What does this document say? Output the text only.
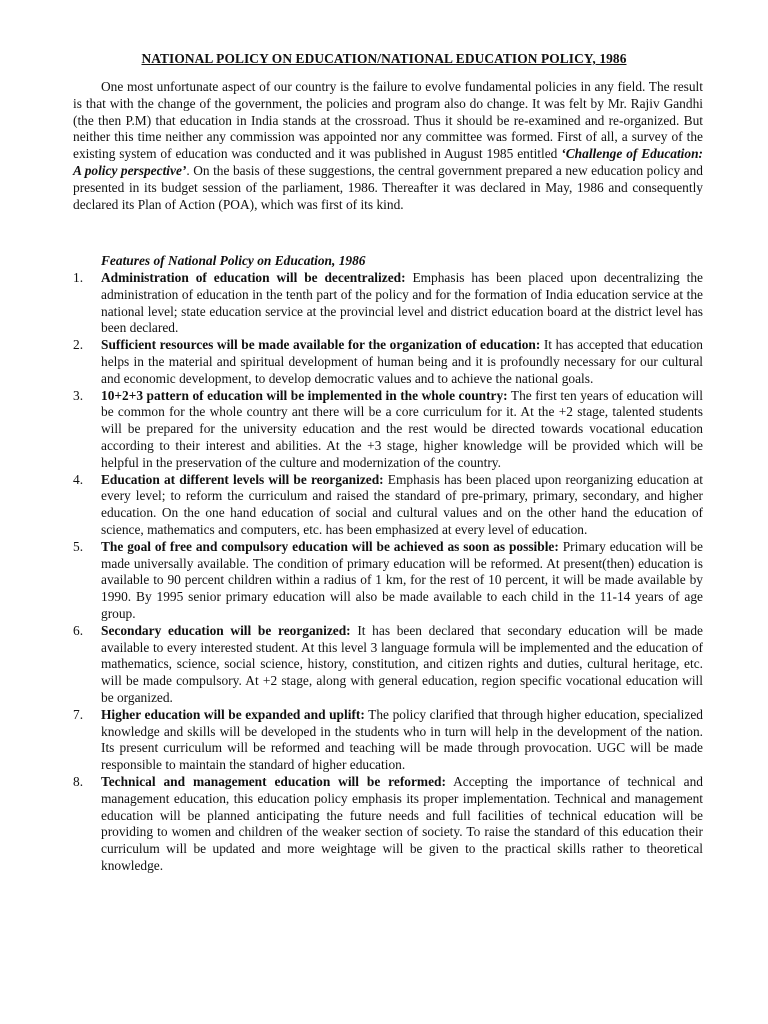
NATIONAL POLICY ON EDUCATION/NATIONAL EDUCATION POLICY, 1986

One most unfortunate aspect of our country is the failure to evolve fundamental policies in any field. The result is that with the change of the government, the policies and program also do change. It was felt by Mr. Rajiv Gandhi (the then P.M) that education in India stands at the crossroad. Thus it should be re-examined and re-organized. But neither this time neither any commission was appointed nor any committee was formed. First of all, a survey of the existing system of education was conducted and it was published in August 1985 entitled ‘Challenge of Education: A policy perspective’. On the basis of these suggestions, the central government prepared a new education policy and presented in its budget session of the parliament, 1986. Thereafter it was declared in May, 1986 and consequently declared its Plan of Action (POA), which was first of its kind.

Features of National Policy on Education, 1986
1. Administration of education will be decentralized: Emphasis has been placed upon decentralizing the administration of education in the tenth part of the policy and for the formation of India education service at the national level; state education service at the provincial level and district education board at the district level has been declared.
2. Sufficient resources will be made available for the organization of education: It has accepted that education helps in the material and spiritual development of human being and it is profoundly necessary for our cultural and economic development, to develop democratic values and to achieve the national goals.
3. 10+2+3 pattern of education will be implemented in the whole country: The first ten years of education will be common for the whole country ant there will be a core curriculum for it. At the +2 stage, talented students will be prepared for the university education and the rest would be directed towards vocational education according to their interest and abilities. At the +3 stage, higher knowledge will be provided which will be helpful in the preservation of the culture and modernization of the country.
4. Education at different levels will be reorganized: Emphasis has been placed upon reorganizing education at every level; to reform the curriculum and raised the standard of pre-primary, primary, secondary, and higher education. On the one hand education of social and cultural values and on the other hand the education of science, mathematics and computers, etc. has been emphasized at every level of education.
5. The goal of free and compulsory education will be achieved as soon as possible: Primary education will be made universally available. The condition of primary education will be reformed. At present(then) education is available to 90 percent children within a radius of 1 km, for the rest of 10 percent, it will be made available by 1990. By 1995 senior primary education will also be made available to each child in the 11-14 years of age group.
6. Secondary education will be reorganized: It has been declared that secondary education will be made available to every interested student. At this level 3 language formula will be implemented and the education of mathematics, science, social science, history, constitution, and citizen rights and duties, cultural heritage, etc. will be made compulsory. At +2 stage, along with general education, region specific vocational education will be organized.
7. Higher education will be expanded and uplift: The policy clarified that through higher education, specialized knowledge and skills will be developed in the students who in turn will help in the development of the nation. Its present curriculum will be reformed and teaching will be made through provocation. UGC will be made responsible to maintain the standard of higher education.
8. Technical and management education will be reformed: Accepting the importance of technical and management education, this education policy emphasis its proper implementation. Technical and management education will be planned anticipating the future needs and full facilities of technical education will be providing to women and children of the weaker section of society. To raise the standard of this education their curriculum will be updated and more weightage will be given to the practical skills rather to theoretical knowledge.
